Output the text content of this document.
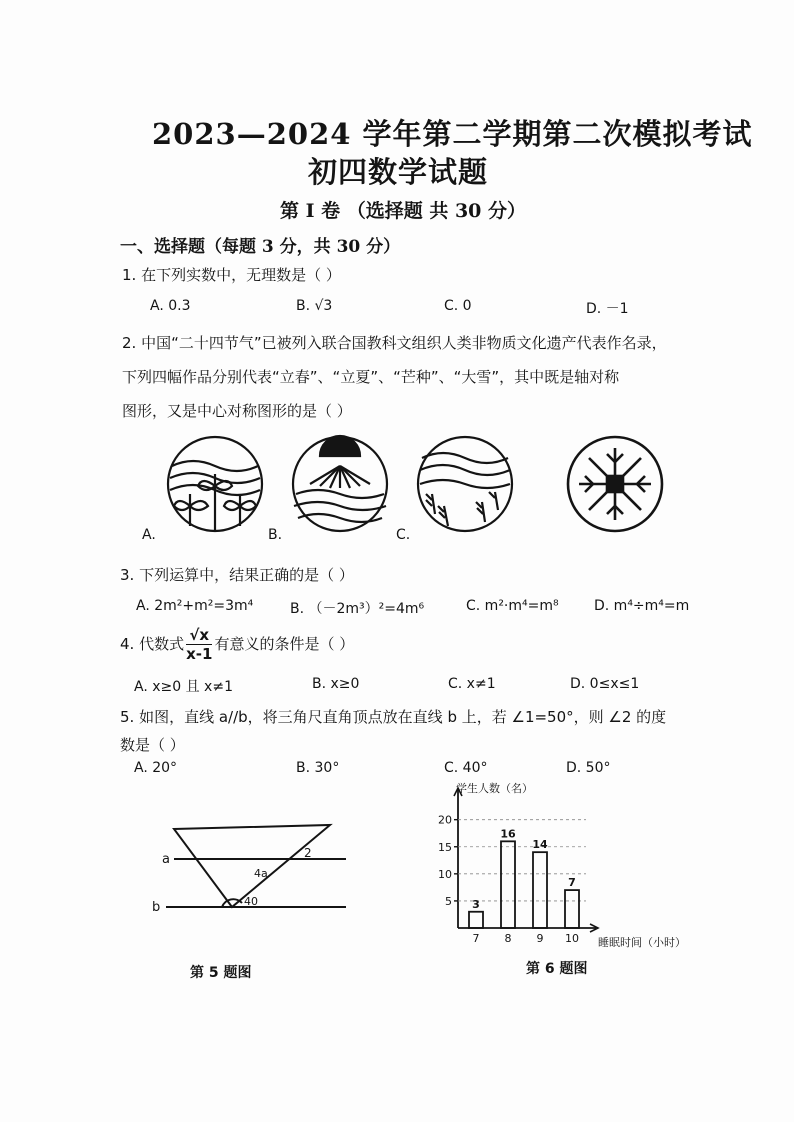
2023—2024 学年第二学期第二次模拟考试
初四数学试题
第 I 卷 （选择题 共 30 分）
一、选择题（每题 3 分，共 30 分）
1. 在下列实数中，无理数是（ ）
A. 0.3	B. √3	C. 0	D. －1
2. 中国“二十四节气”已被列入联合国教科文组织人类非物质文化遗产代表作名录，
下列四幅作品分别代表“立春”、“立夏”、“芒种”、“大雪”，其中既是轴对称
图形，又是中心对称图形的是（ ）
A.	B.	C.
3. 下列运算中，结果正确的是（ ）
A. 2m²+m²=3m⁴	B. （－2m³）²=4m⁶	C. m²·m⁴=m⁸	D. m⁴÷m⁴=m
4. 代数式 $\frac{√x}{x-1}$ 有意义的条件是（ ）
A. x≥0 且 x≠1	B. x≥0	C. x≠1	D. 0≤x≤1
5. 如图，直线 a//b，将三角尺直角顶点放在直线 b 上，若 ∠1=50°，则 ∠2 的度
数是（ ）
A. 20°	B. 30°	C. 40°	D. 50°
a
b
2
4a
40
第 5 题图
学生人数（名）
睡眠时间（小时）
5
10
15
20
3
7
16
8
14
9
7
10
第 6 题图
